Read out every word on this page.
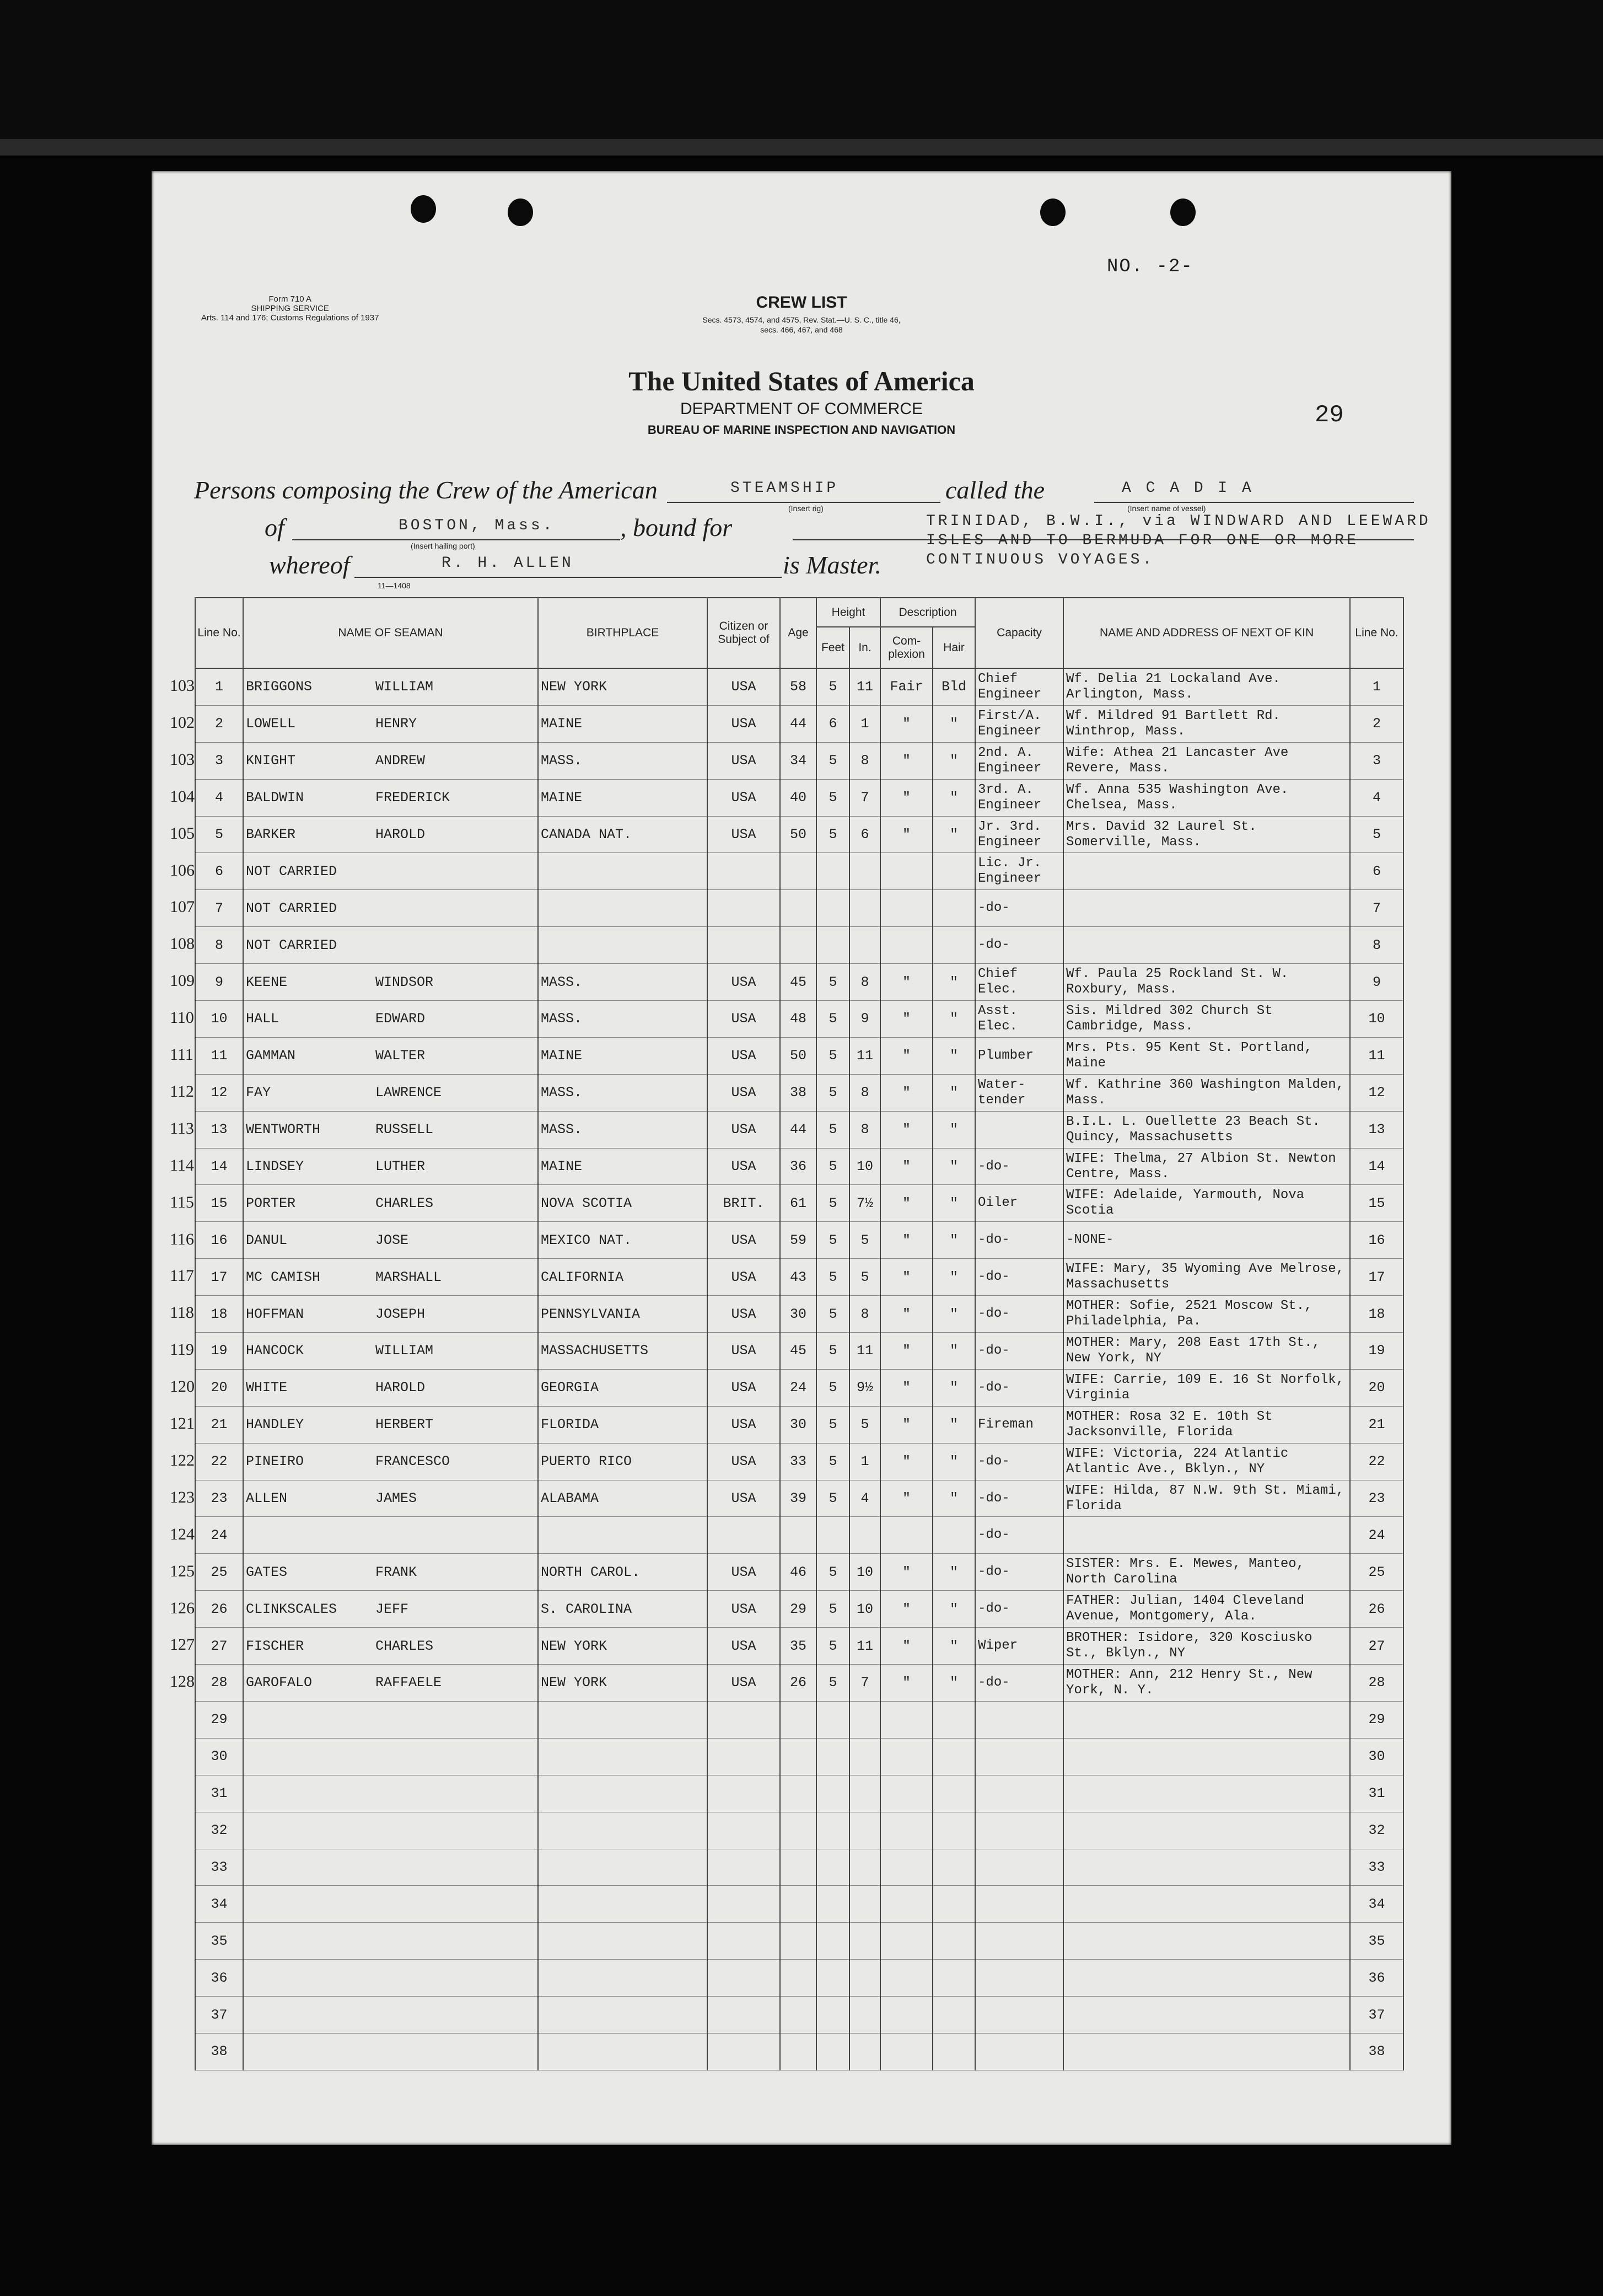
NO. -2-
Form 710 A
SHIPPING SERVICE
Arts. 114 and 176; Customs Regulations of 1937
CREW LIST
Secs. 4573, 4574, and 4575, Rev. Stat.—U. S. C., title 46,
secs. 466, 467, and 468
The United States of America
DEPARTMENT OF COMMERCE
BUREAU OF MARINE INSPECTION AND NAVIGATION
29
Persons composing the Crew of the American	STEAMSHIP
(Insert rig)
called the	A C A D I A
(Insert name of vessel)
of	BOSTON, Mass.
(Insert hailing port)
, bound for	TRINIDAD, B.W.I., via WINDWARD AND LEEWARD
ISLES AND TO BERMUDA FOR ONE OR MORE
CONTINUOUS VOYAGES.
whereof	R. H. ALLEN
11—1408
is Master.
Line No.	NAME OF SEAMAN	BIRTHPLACE	Citizen or Subject of	Age	Height		Description		Capacity	NAME AND ADDRESS OF NEXT OF KIN	Line No.
					Feet	In.	Com-plexion	Hair			
1	BRIGGONS WILLIAM	NEW YORK	USA	58	5	11	Fair	Bld	Chief Engineer	Wf. Delia 21 Lockaland Ave. Arlington, Mass.	1
2	LOWELL HENRY	MAINE	USA	44	6	1	"	"	First/A. Engineer	Wf. Mildred 91 Bartlett Rd. Winthrop, Mass.	2
3	KNIGHT ANDREW	MASS.	USA	34	5	8	"	"	2nd. A. Engineer	Wife: Athea 21 Lancaster Ave Revere, Mass.	3
4	BALDWIN FREDERICK	MAINE	USA	40	5	7	"	"	3rd. A. Engineer	Wf. Anna 535 Washington Ave. Chelsea, Mass.	4
5	BARKER HAROLD	CANADA NAT.	USA	50	5	6	"	"	Jr. 3rd. Engineer	Mrs. David 32 Laurel St. Somerville, Mass.	5
6	NOT CARRIED								Lic. Jr. Engineer		6
7	NOT CARRIED								-do-		7
8	NOT CARRIED								-do-		8
9	KEENE WINDSOR	MASS.	USA	45	5	8	"	"	Chief Elec.	Wf. Paula 25 Rockland St. W. Roxbury, Mass.	9
10	HALL EDWARD	MASS.	USA	48	5	9	"	"	Asst. Elec.	Sis. Mildred 302 Church St Cambridge, Mass.	10
11	GAMMAN WALTER	MAINE	USA	50	5	11	"	"	Plumber	Mrs. Pts. 95 Kent St. Portland, Maine	11
12	FAY LAWRENCE	MASS.	USA	38	5	8	"	"	Water-tender	Wf. Kathrine 360 Washington Malden, Mass.	12
13	WENTWORTH RUSSELL	MASS.	USA	44	5	8	"	"		B.I.L. L. Ouellette 23 Beach St. Quincy, Massachusetts	13
14	LINDSEY LUTHER	MAINE	USA	36	5	10	"	"	-do-	WIFE: Thelma, 27 Albion St. Newton Centre, Mass.	14
15	PORTER CHARLES	NOVA SCOTIA	BRIT.	61	5	7½	"	"	Oiler	WIFE: Adelaide, Yarmouth, Nova Scotia	15
16	DANUL JOSE	MEXICO NAT.	USA	59	5	5	"	"	-do-	-NONE-	16
17	MC CAMISH MARSHALL	CALIFORNIA	USA	43	5	5	"	"	-do-	WIFE: Mary, 35 Wyoming Ave Melrose, Massachusetts	17
18	HOFFMAN JOSEPH	PENNSYLVANIA	USA	30	5	8	"	"	-do-	MOTHER: Sofie, 2521 Moscow St., Philadelphia, Pa.	18
19	HANCOCK WILLIAM	MASSACHUSETTS	USA	45	5	11	"	"	-do-	MOTHER: Mary, 208 East 17th St., New York, NY	19
20	WHITE HAROLD	GEORGIA	USA	24	5	9½	"	"	-do-	WIFE: Carrie, 109 E. 16 St Norfolk, Virginia	20
21	HANDLEY HERBERT	FLORIDA	USA	30	5	5	"	"	Fireman	MOTHER: Rosa 32 E. 10th St Jacksonville, Florida	21
22	PINEIRO FRANCESCO	PUERTO RICO	USA	33	5	1	"	"	-do-	WIFE: Victoria, 224 Atlantic Atlantic Ave., Bklyn., NY	22
23	ALLEN JAMES	ALABAMA	USA	39	5	4	"	"	-do-	WIFE: Hilda, 87 N.W. 9th St. Miami, Florida	23
24									-do-		24
25	GATES FRANK	NORTH CAROL.	USA	46	5	10	"	"	-do-	SISTER: Mrs. E. Mewes, Manteo, North Carolina	25
26	CLINKSCALES JEFF	S. CAROLINA	USA	29	5	10	"	"	-do-	FATHER: Julian, 1404 Cleveland Avenue, Montgomery, Ala.	26
27	FISCHER CHARLES	NEW YORK	USA	35	5	11	"	"	Wiper	BROTHER: Isidore, 320 Kosciusko St., Bklyn., NY	27
28	GAROFALO RAFFAELE	NEW YORK	USA	26	5	7	"	"	-do-	MOTHER: Ann, 212 Henry St., New York, N. Y.	28
29											29
30											30
31											31
32											32
33											33
34											34
35											35
36											36
37											37
38											38
103
102
103
104
105
106
107
108
109
110
111
112
113
114
115
116
117
118
119
120
121
122
123
124
125
126
127
128
